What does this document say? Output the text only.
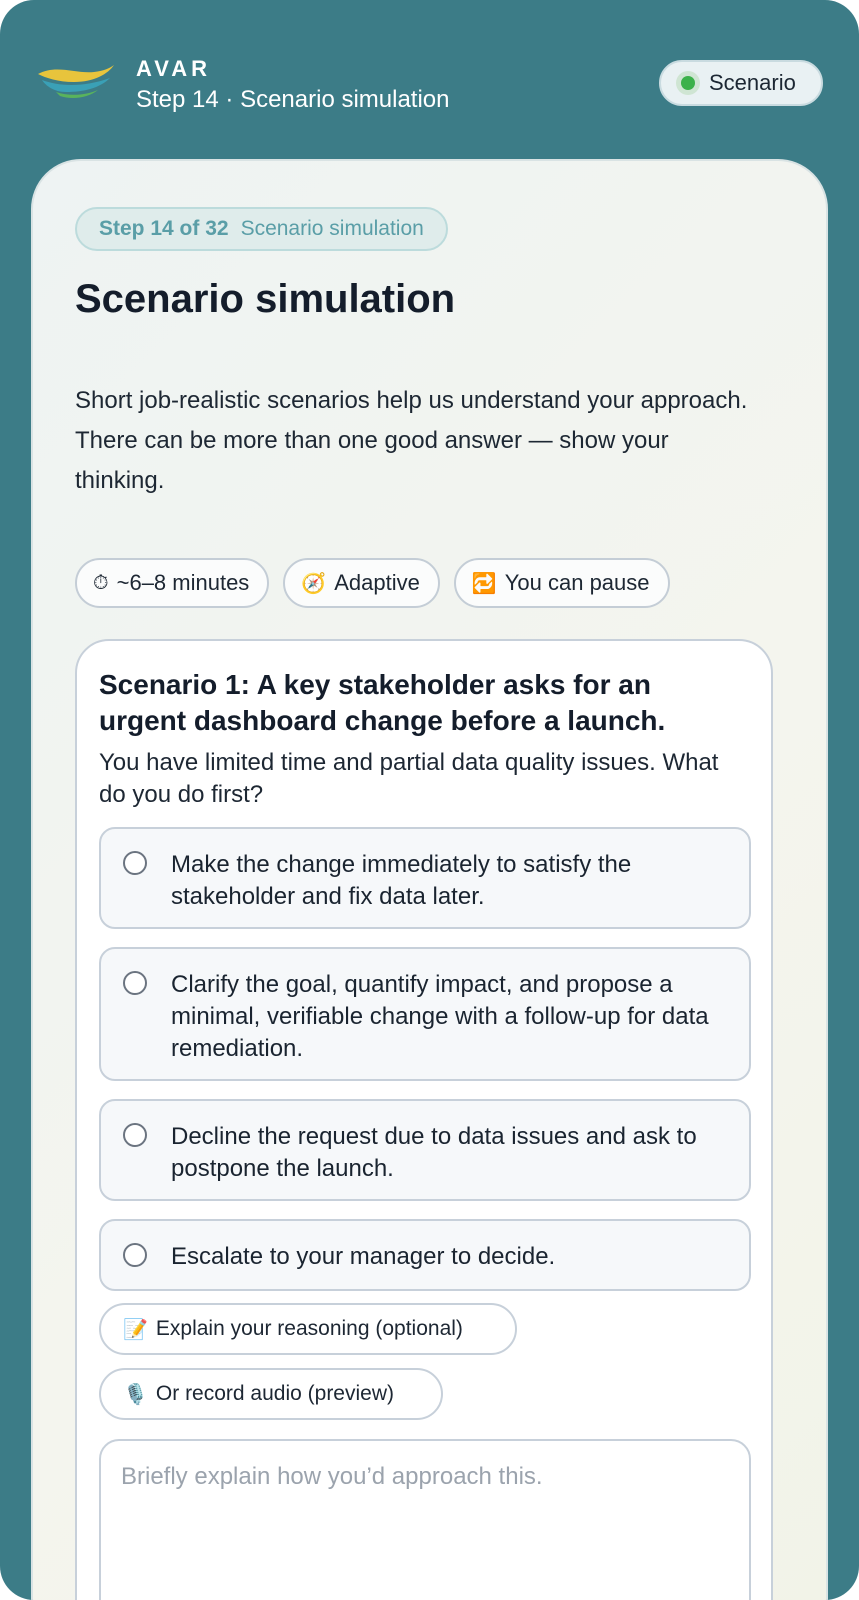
AVAR
Step 14 · Scenario simulation
Scenario
Step 14 of 32 Scenario simulation
Scenario simulation

Short job-realistic scenarios help us understand your approach. There can be more than one good answer — show your thinking.

⏱ ~6–8 minutes	🧭 Adaptive	🔁 You can pause
Scenario 1: A key stakeholder asks for an urgent dashboard change before a launch.

You have limited time and partial data quality issues. What do you do first?

Make the change immediately to satisfy the stakeholder and fix data later.
Clarify the goal, quantify impact, and propose a minimal, verifiable change with a follow-up for data remediation.
Decline the request due to data issues and ask to postpone the launch.
Escalate to your manager to decide.
📝 Explain your reasoning (optional)
🎙️ Or record audio (preview)
Briefly explain how you’d approach this.
